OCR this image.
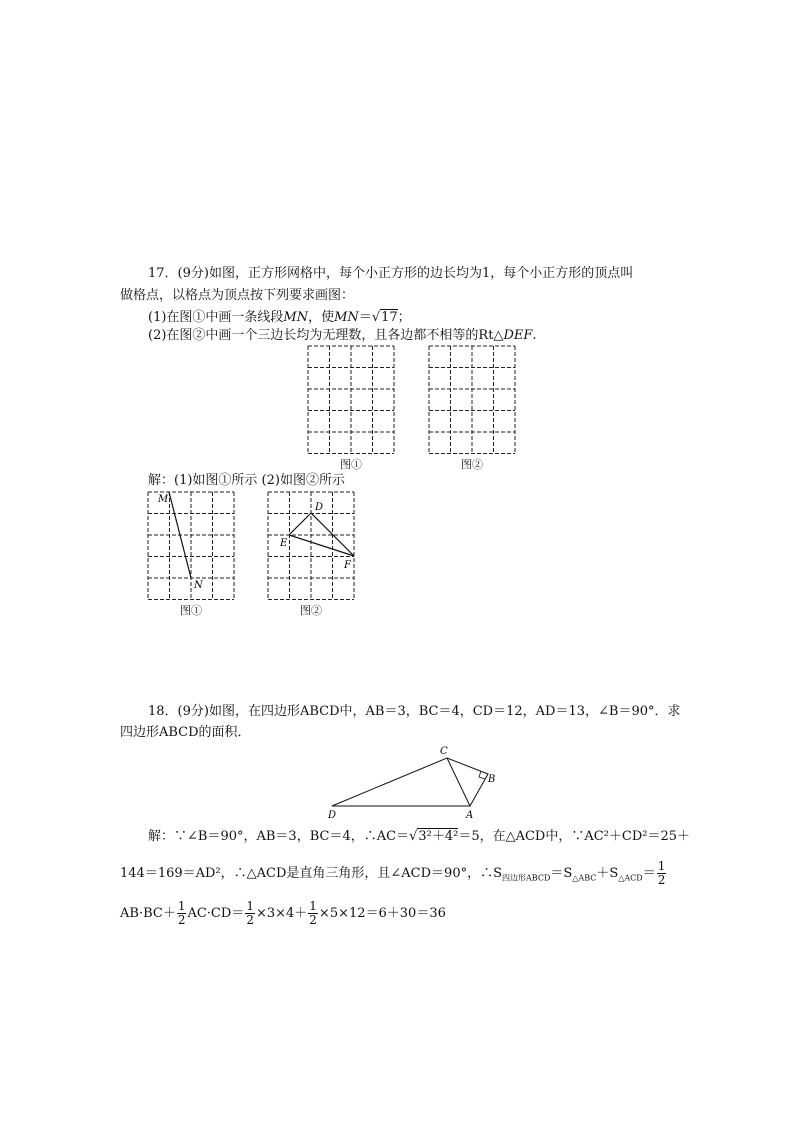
17．(9分)如图，正方形网格中，每个小正方形的边长均为1，每个小正方形的顶点叫
做格点，以格点为顶点按下列要求画图：
(1)在图①中画一条线段MN，使MN＝√17；
(2)在图②中画一个三边长均为无理数，且各边都不相等的Rt△DEF.
图①	图②
解：(1)如图①所示 (2)如图②所示
M
N
图①
D
E
F
图②
18．(9分)如图，在四边形ABCD中，AB＝3，BC＝4，CD＝12，AD＝13，∠B＝90°．求
四边形ABCD的面积．
C
B
D	A
解：∵∠B＝90°，AB＝3，BC＝4，∴AC＝√3²＋4²＝5，在△ACD中，∵AC²＋CD²＝25＋
144＝169＝AD²，∴△ACD是直角三角形，且∠ACD＝90°，$\therefore S_{四边形ABCD}=S_{\triangle ABC}+S_{\triangle ACD}= \frac{1}{2}$
$AB\cdot BC+ \frac{1}{2} AC\cdot CD= \frac{1}{2} \times 3\times 4+ \frac{1}{2} \times 5\times 12=6+30=36$
